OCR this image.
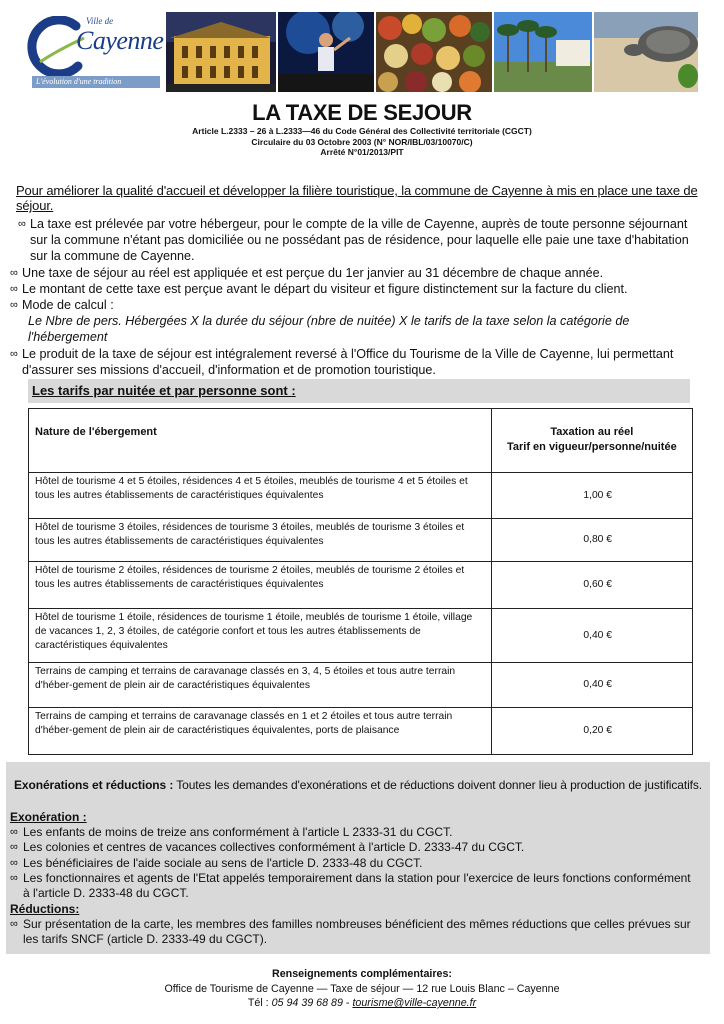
Ville de
Cayenne
L'évolution d'une tradition
LA TAXE DE SEJOUR
Article L.2333 – 26 à L.2333—46 du Code Général des Collectivité territoriale (CGCT)
Circulaire du 03 Octobre 2003 (N° NOR/IBL/03/10070/C)
Arrêté N°01/2013/PIT
Pour améliorer la qualité d'accueil et développer la filière touristique, la commune de Cayenne à mis en place une taxe de séjour.
∞ La taxe est prélevée par votre hébergeur, pour le compte de la ville de Cayenne, auprès de toute personne séjournant sur la commune n'étant pas domiciliée ou ne possédant pas de résidence, pour laquelle elle paie une taxe d'habitation sur la commune de Cayenne.
∞ Une taxe de séjour au réel est appliquée et est perçue du 1er janvier au 31 décembre de chaque année.
∞ Le montant de cette taxe est perçue avant le départ du visiteur et figure distinctement sur la facture du client.
∞ Mode de calcul :
Le Nbre de pers. Hébergées X la durée du séjour (nbre de nuitée) X le tarifs de la taxe selon la catégorie de l'hébergement
∞ Le produit de la taxe de séjour est intégralement reversé à l'Office du Tourisme de la Ville de Cayenne, lui permettant d'assurer ses missions d'accueil, d'information et de promotion touristique.
Les tarifs par nuitée et par personne sont :
Nature de l'ébergement	Taxation au réel
Tarif en vigueur/personne/nuitée

Hôtel de tourisme 4 et 5 étoiles, résidences 4 et 5 étoiles, meublés de tourisme 4 et 5 étoiles et tous les autres établissements de caractéristiques équivalentes	1,00 €
Hôtel de tourisme 3 étoiles, résidences de tourisme 3 étoiles, meublés de tourisme 3 étoiles et tous les autres établissements de caractéristiques équivalentes	0,80 €
Hôtel de tourisme 2 étoiles, résidences de tourisme 2 étoiles, meublés de tourisme 2 étoiles et tous les autres établissements de caractéristiques équivalentes	0,60 €
Hôtel de tourisme 1 étoile, résidences de tourisme 1 étoile, meublés de tourisme 1 étoile, village de vacances 1, 2, 3 étoiles, de catégorie confort et tous les autres établissements de caractéristiques équivalentes	0,40 €
Terrains de camping et terrains de caravanage classés en 3, 4, 5 étoiles et tous autre terrain d'héber-gement de plein air de caractéristiques équivalentes	0,40 €
Terrains de camping et terrains de caravanage classés en 1 et 2 étoiles et tous autre terrain d'héber-gement de plein air de caractéristiques équivalentes, ports de plaisance	0,20 €
Exonérations et réductions : Toutes les demandes d'exonérations et de réductions doivent donner lieu à production de justificatifs.
Exonération :
∞ Les enfants de moins de treize ans conformément à l'article L 2333-31 du CGCT.
∞ Les colonies et centres de vacances collectives conformément à l'article D. 2333-47 du CGCT.
∞ Les bénéficiaires de l'aide sociale au sens de l'article D. 2333-48 du CGCT.
∞ Les fonctionnaires et agents de l'Etat appelés temporairement dans la station pour l'exercice de leurs fonctions conformément à l'article D. 2333-48 du CGCT.
Réductions:
∞ Sur présentation de la carte, les membres des familles nombreuses bénéficient des mêmes réductions que celles prévues sur les tarifs SNCF (article D. 2333-49 du CGCT).
Renseignements complémentaires:
Office de Tourisme de Cayenne — Taxe de séjour — 12 rue Louis Blanc – Cayenne
Tél : 05 94 39 68 89 - tourisme@ville-cayenne.fr
